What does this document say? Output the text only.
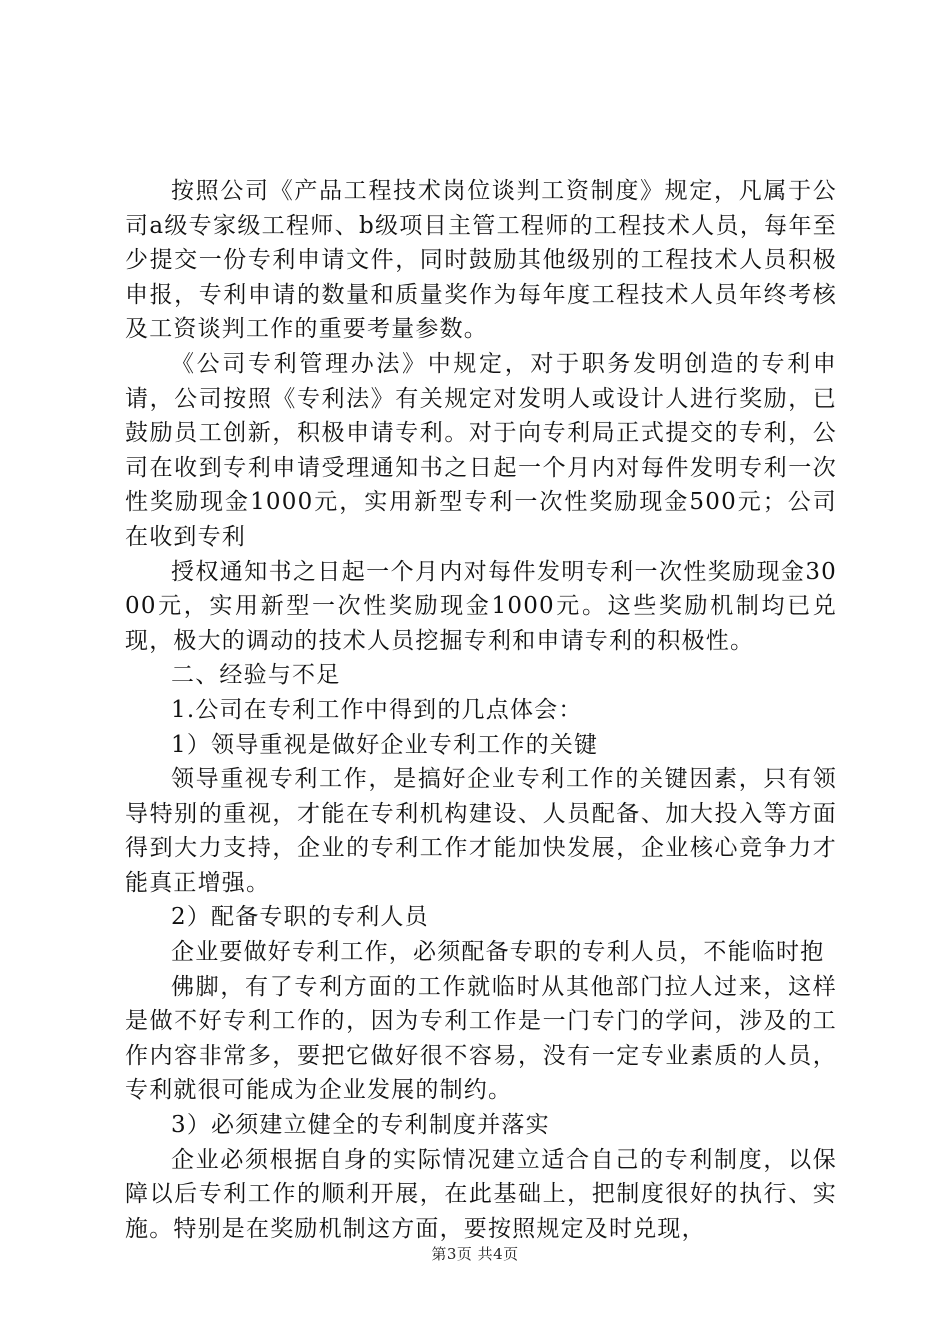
按照公司《产品工程技术岗位谈判工资制度》规定，凡属于公司a级专家级工程师、b级项目主管工程师的工程技术人员，每年至少提交一份专利申请文件，同时鼓励其他级别的工程技术人员积极申报，专利申请的数量和质量奖作为每年度工程技术人员年终考核及工资谈判工作的重要考量参数。

《公司专利管理办法》中规定，对于职务发明创造的专利申请，公司按照《专利法》有关规定对发明人或设计人进行奖励，已鼓励员工创新，积极申请专利。对于向专利局正式提交的专利，公司在收到专利申请受理通知书之日起一个月内对每件发明专利一次性奖励现金1000元，实用新型专利一次性奖励现金500元；公司在收到专利

授权通知书之日起一个月内对每件发明专利一次性奖励现金3000元，实用新型一次性奖励现金1000元。这些奖励机制均已兑现，极大的调动的技术人员挖掘专利和申请专利的积极性。

二、经验与不足

1.公司在专利工作中得到的几点体会：

1）领导重视是做好企业专利工作的关键

领导重视专利工作，是搞好企业专利工作的关键因素，只有领导特别的重视，才能在专利机构建设、人员配备、加大投入等方面得到大力支持，企业的专利工作才能加快发展，企业核心竞争力才能真正增强。

2）配备专职的专利人员

企业要做好专利工作，必须配备专职的专利人员，不能临时抱

佛脚，有了专利方面的工作就临时从其他部门拉人过来，这样是做不好专利工作的，因为专利工作是一门专门的学问，涉及的工作内容非常多，要把它做好很不容易，没有一定专业素质的人员，专利就很可能成为企业发展的制约。

3）必须建立健全的专利制度并落实

企业必须根据自身的实际情况建立适合自己的专利制度，以保障以后专利工作的顺利开展，在此基础上，把制度很好的执行、实施。特别是在奖励机制这方面，要按照规定及时兑现，

第3页 共4页
